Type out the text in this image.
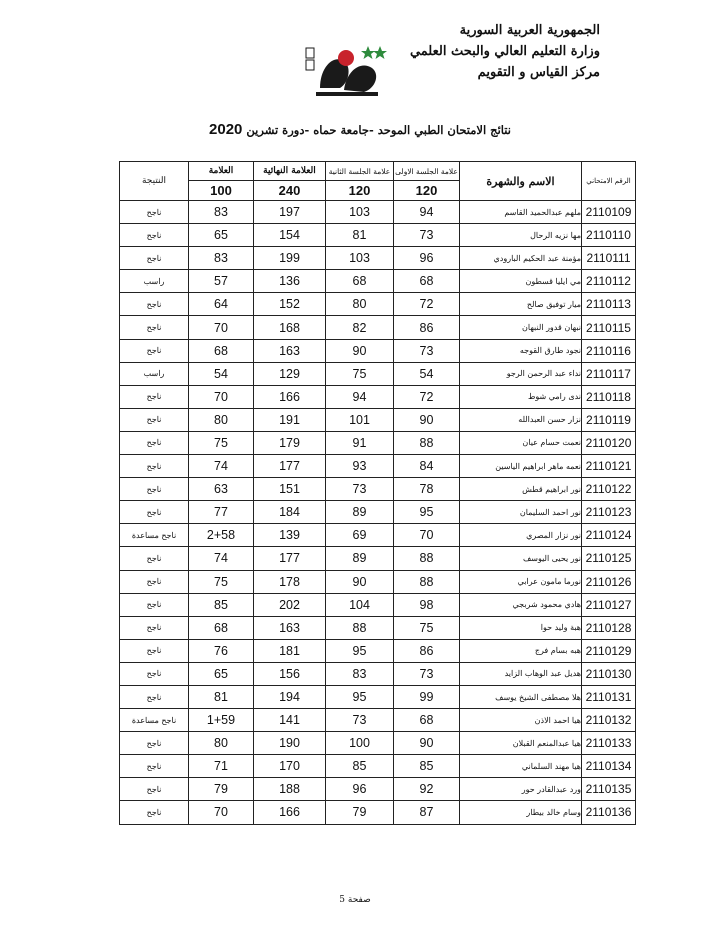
الجمهورية العربية السورية
وزارة التعليم العالي والبحث العلمي
مركز القياس و التقويم
نتائج الامتحان الطبي الموحد -جامعة حماه -دورة تشرين 2020
الرقم الامتحاني	الاسم والشهرة	علامة الجلسة الاولى	علامة الجلسة الثانية	العلامة النهائية	العلامة	النتيجة
		120	120	240	100	
2110109	ملهم عبدالحميد القاسم	94	103	197	83	ناجح
2110110	مها نزيه الرحال	73	81	154	65	ناجح
2110111	مؤمنة عبد الحكيم البارودي	96	103	199	83	ناجح
2110112	مي ايليا قسطون	68	68	136	57	راسب
2110113	ميار توفيق صالح	72	80	152	64	ناجح
2110115	نبهان قدور النبهان	86	82	168	70	ناجح
2110116	نجود طارق القوجه	73	90	163	68	ناجح
2110117	نداء عبد الرحمن الرجو	54	75	129	54	راسب
2110118	ندى رامي شوط	72	94	166	70	ناجح
2110119	نزار حسن العبدالله	90	101	191	80	ناجح
2110120	نعمت حسام عيان	88	91	179	75	ناجح
2110121	نعمه ماهر ابراهيم الياسين	84	93	177	74	ناجح
2110122	نور ابراهيم قطش	78	73	151	63	ناجح
2110123	نور احمد السليمان	95	89	184	77	ناجح
2110124	نور نزار المصري	70	69	139	2+58	ناجح مساعدة
2110125	نور يحيى اليوسف	88	89	177	74	ناجح
2110126	نورما مامون عرابي	88	90	178	75	ناجح
2110127	هادي محمود شربجي	98	104	202	85	ناجح
2110128	هبة وليد حوا	75	88	163	68	ناجح
2110129	هبه بسام فرج	86	95	181	76	ناجح
2110130	هديل عبد الوهاب الزايد	73	83	156	65	ناجح
2110131	هلا مصطفى الشيخ يوسف	99	95	194	81	ناجح
2110132	هيا احمد الاذن	68	73	141	1+59	ناجح مساعدة
2110133	هيا عبدالمنعم القبلان	90	100	190	80	ناجح
2110134	هيا مهند السلماني	85	85	170	71	ناجح
2110135	ورد عبدالقادر حور	92	96	188	79	ناجح
2110136	وسام خالد بيطار	87	79	166	70	ناجح
صفحة 5
